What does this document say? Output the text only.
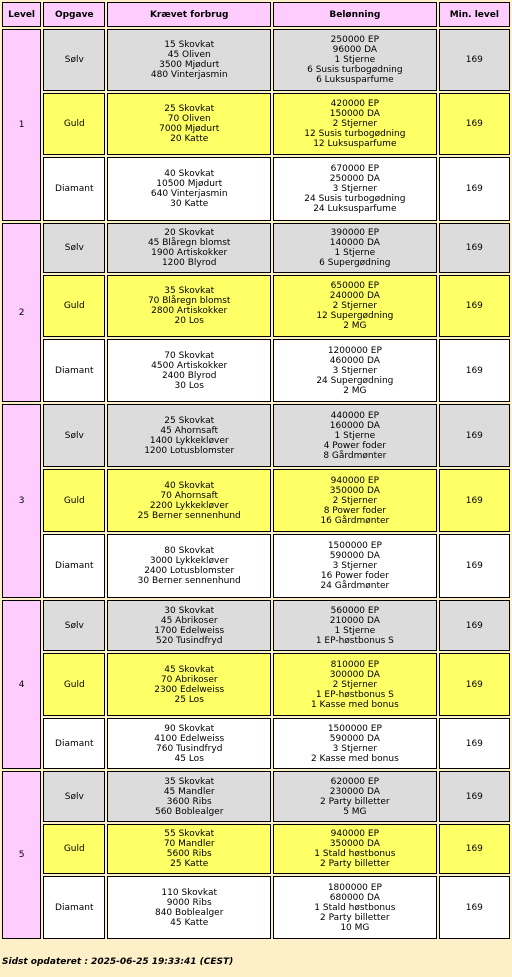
Level	Opgave	Krævet forbrug	Belønning	Min. level
1	Sølv	15 Skovkat
45 Oliven
3500 Mjødurt
480 Vinterjasmin	250000 EP
96000 DA
1 Stjerne
6 Susis turbogødning
6 Luksusparfume	169
	Guld	25 Skovkat
70 Oliven
7000 Mjødurt
20 Katte	420000 EP
150000 DA
2 Stjerner
12 Susis turbogødning
12 Luksusparfume	169
	Diamant	40 Skovkat
10500 Mjødurt
640 Vinterjasmin
30 Katte	670000 EP
250000 DA
3 Stjerner
24 Susis turbogødning
24 Luksusparfume	169
2	Sølv	20 Skovkat
45 Blåregn blomst
1900 Artiskokker
1200 Blyrod	390000 EP
140000 DA
1 Stjerne
6 Supergødning	169
	Guld	35 Skovkat
70 Blåregn blomst
2800 Artiskokker
20 Los	650000 EP
240000 DA
2 Stjerner
12 Supergødning
2 MG	169
	Diamant	70 Skovkat
4500 Artiskokker
2400 Blyrod
30 Los	1200000 EP
460000 DA
3 Stjerner
24 Supergødning
2 MG	169
3	Sølv	25 Skovkat
45 Ahornsaft
1400 Lykkekløver
1200 Lotusblomster	440000 EP
160000 DA
1 Stjerne
4 Power foder
8 Gårdmønter	169
	Guld	40 Skovkat
70 Ahornsaft
2200 Lykkekløver
25 Berner sennenhund	940000 EP
350000 DA
2 Stjerner
8 Power foder
16 Gårdmønter	169
	Diamant	80 Skovkat
3000 Lykkekløver
2400 Lotusblomster
30 Berner sennenhund	1500000 EP
590000 DA
3 Stjerner
16 Power foder
24 Gårdmønter	169
4	Sølv	30 Skovkat
45 Abrikoser
1700 Edelweiss
520 Tusindfryd	560000 EP
210000 DA
1 Stjerne
1 EP-høstbonus S	169
	Guld	45 Skovkat
70 Abrikoser
2300 Edelweiss
25 Los	810000 EP
300000 DA
2 Stjerner
1 EP-høstbonus S
1 Kasse med bonus	169
	Diamant	90 Skovkat
4100 Edelweiss
760 Tusindfryd
45 Los	1500000 EP
590000 DA
3 Stjerner
2 Kasse med bonus	169
5	Sølv	35 Skovkat
45 Mandler
3600 Ribs
560 Boblealger	620000 EP
230000 DA
2 Party billetter
5 MG	169
	Guld	55 Skovkat
70 Mandler
5600 Ribs
25 Katte	940000 EP
350000 DA
1 Stald høstbonus
2 Party billetter	169
	Diamant	110 Skovkat
9000 Ribs
840 Boblealger
45 Katte	1800000 EP
680000 DA
1 Stald høstbonus
2 Party billetter
10 MG	169
Sidst opdateret : 2025-06-25 19:33:41 (CEST)
